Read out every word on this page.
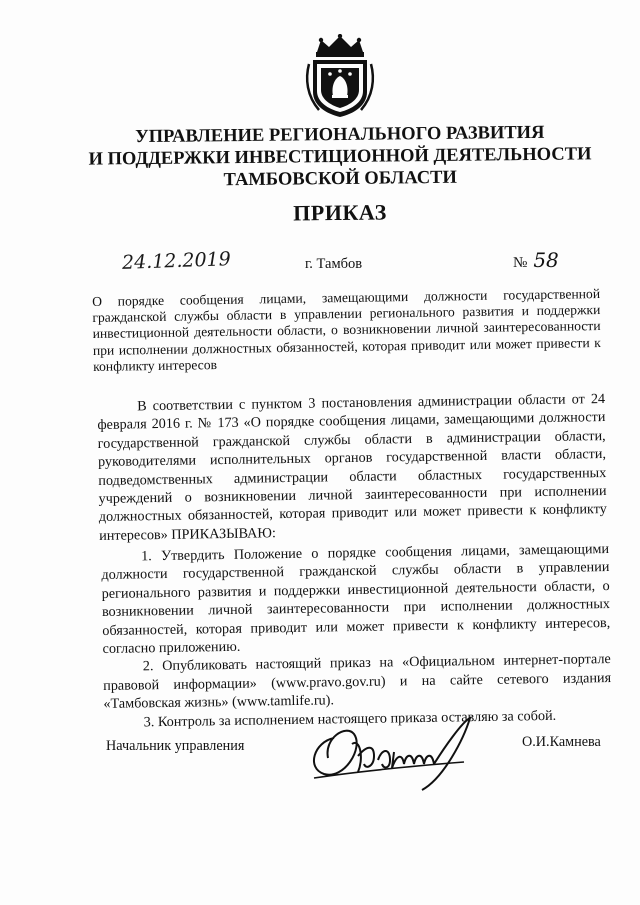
УПРАВЛЕНИЕ РЕГИОНАЛЬНОГО РАЗВИТИЯ
И ПОДДЕРЖКИ ИНВЕСТИЦИОННОЙ ДЕЯТЕЛЬНОСТИ
ТАМБОВСКОЙ ОБЛАСТИ
ПРИКАЗ
24.12.2019	г. Тамбов	№ 58
О порядке сообщения лицами, замещающими должности государственной гражданской службы области в управлении регионального развития и поддержки инвестиционной деятельности области, о возникновении личной заинтересованности при исполнении должностных обязанностей, которая приводит или может привести к конфликту интересов
В соответствии с пунктом 3 постановления администрации области от 24 февраля 2016 г. № 173 «О порядке сообщения лицами, замещающими должности государственной гражданской службы области в администрации области, руководителями исполнительных органов государственной власти области, подведомственных администрации области областных государственных учреждений о возникновении личной заинтересованности при исполнении должностных обязанностей, которая приводит или может привести к конфликту интересов» ПРИКАЗЫВАЮ:

1. Утвердить Положение о порядке сообщения лицами, замещающими должности государственной гражданской службы области в управлении регионального развития и поддержки инвестиционной деятельности области, о возникновении личной заинтересованности при исполнении должностных обязанностей, которая приводит или может привести к конфликту интересов, согласно приложению.

2. Опубликовать настоящий приказ на «Официальном интернет-портале правовой информации» (www.pravo.gov.ru) и на сайте сетевого издания «Тамбовская жизнь» (www.tamlife.ru).

3. Контроль за исполнением настоящего приказа оставляю за собой.

Начальник управления	О.И.Камнева
